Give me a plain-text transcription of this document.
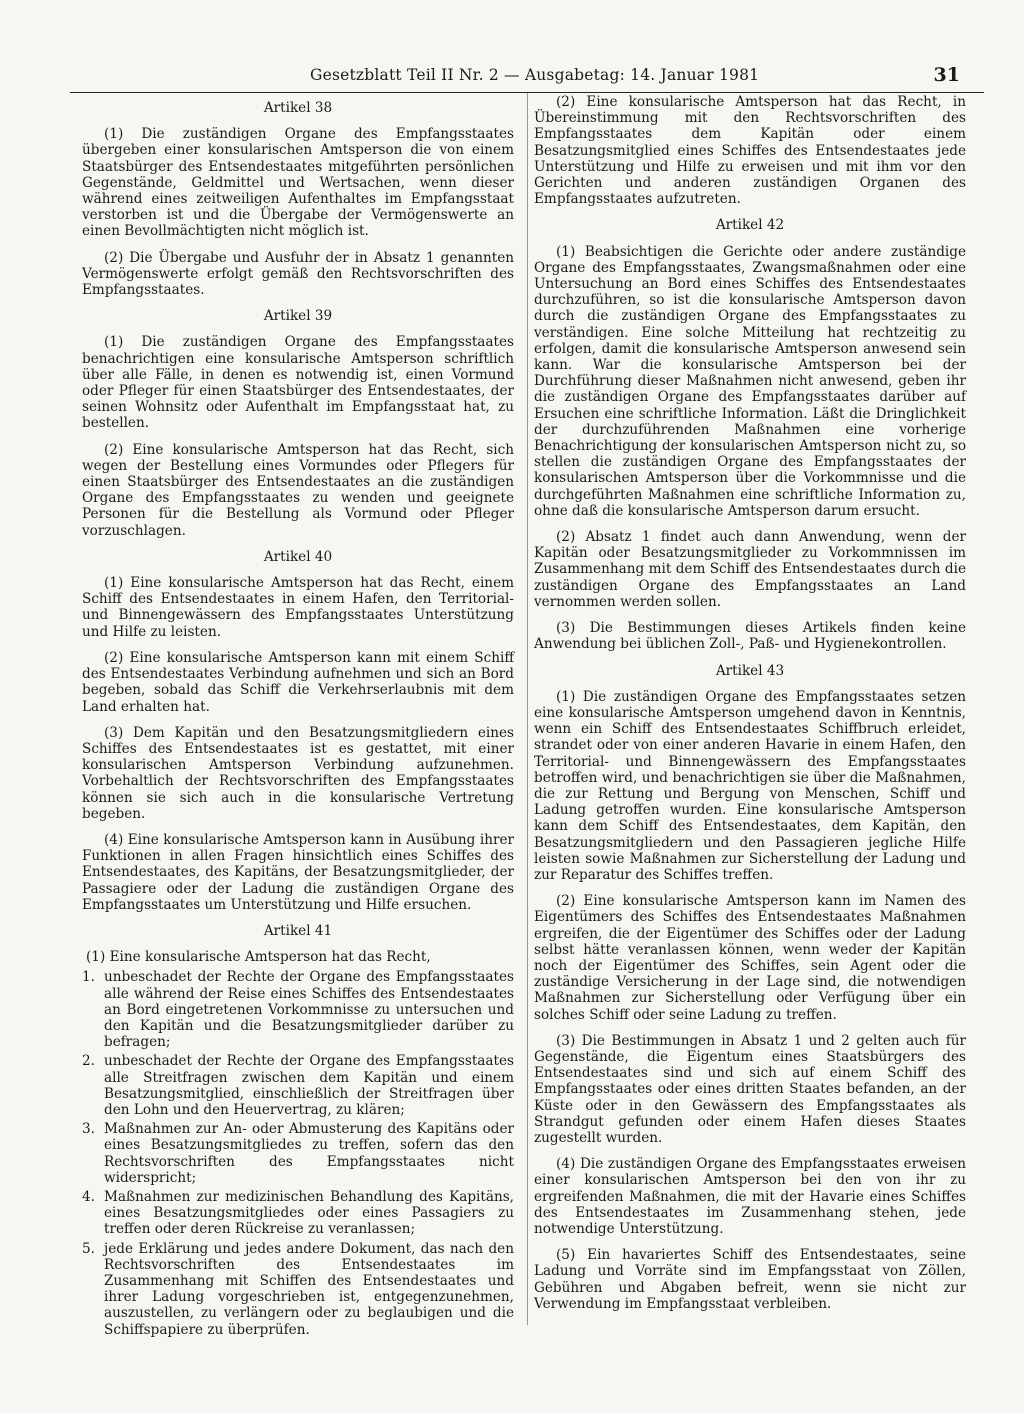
Gesetzblatt Teil II Nr. 2 — Ausgabetag: 14. Januar 1981	31
Artikel 38

(1) Die zuständigen Organe des Empfangsstaates übergeben einer konsularischen Amtsperson die von einem Staatsbürger des Entsendestaates mitgeführten persönlichen Gegenstände, Geldmittel und Wertsachen, wenn dieser während eines zeitweiligen Aufenthaltes im Empfangsstaat verstorben ist und die Übergabe der Vermögenswerte an einen Bevollmächtigten nicht möglich ist.

(2) Die Übergabe und Ausfuhr der in Absatz 1 genannten Vermögenswerte erfolgt gemäß den Rechtsvorschriften des Empfangsstaates.

Artikel 39

(1) Die zuständigen Organe des Empfangsstaates benachrichtigen eine konsularische Amtsperson schriftlich über alle Fälle, in denen es notwendig ist, einen Vormund oder Pfleger für einen Staatsbürger des Entsendestaates, der seinen Wohnsitz oder Aufenthalt im Empfangsstaat hat, zu bestellen.

(2) Eine konsularische Amtsperson hat das Recht, sich wegen der Bestellung eines Vormundes oder Pflegers für einen Staatsbürger des Entsendestaates an die zuständigen Organe des Empfangsstaates zu wenden und geeignete Personen für die Bestellung als Vormund oder Pfleger vorzuschlagen.

Artikel 40

(1) Eine konsularische Amtsperson hat das Recht, einem Schiff des Entsendestaates in einem Hafen, den Territorial- und Binnengewässern des Empfangsstaates Unterstützung und Hilfe zu leisten.

(2) Eine konsularische Amtsperson kann mit einem Schiff des Entsendestaates Verbindung aufnehmen und sich an Bord begeben, sobald das Schiff die Verkehrserlaubnis mit dem Land erhalten hat.

(3) Dem Kapitän und den Besatzungsmitgliedern eines Schiffes des Entsendestaates ist es gestattet, mit einer konsularischen Amtsperson Verbindung aufzunehmen. Vorbehaltlich der Rechtsvorschriften des Empfangsstaates können sie sich auch in die konsularische Vertretung begeben.

(4) Eine konsularische Amtsperson kann in Ausübung ihrer Funktionen in allen Fragen hinsichtlich eines Schiffes des Entsendestaates, des Kapitäns, der Besatzungsmitglieder, der Passagiere oder der Ladung die zuständigen Organe des Empfangsstaates um Unterstützung und Hilfe ersuchen.

Artikel 41

(1) Eine konsularische Amtsperson hat das Recht,

1. unbeschadet der Rechte der Organe des Empfangsstaates alle während der Reise eines Schiffes des Entsendestaates an Bord eingetretenen Vorkommnisse zu untersuchen und den Kapitän und die Besatzungsmitglieder darüber zu befragen;
2. unbeschadet der Rechte der Organe des Empfangsstaates alle Streitfragen zwischen dem Kapitän und einem Besatzungsmitglied, einschließlich der Streitfragen über den Lohn und den Heuervertrag, zu klären;
3. Maßnahmen zur An- oder Abmusterung des Kapitäns oder eines Besatzungsmitgliedes zu treffen, sofern das den Rechtsvorschriften des Empfangsstaates nicht widerspricht;
4. Maßnahmen zur medizinischen Behandlung des Kapitäns, eines Besatzungsmitgliedes oder eines Passagiers zu treffen oder deren Rückreise zu veranlassen;
5. jede Erklärung und jedes andere Dokument, das nach den Rechtsvorschriften des Entsendestaates im Zusammenhang mit Schiffen des Entsendestaates und ihrer Ladung vorgeschrieben ist, entgegenzunehmen, auszustellen, zu verlängern oder zu beglaubigen und die Schiffspapiere zu überprüfen.

(2) Eine konsularische Amtsperson hat das Recht, in Übereinstimmung mit den Rechtsvorschriften des Empfangsstaates dem Kapitän oder einem Besatzungsmitglied eines Schiffes des Entsendestaates jede Unterstützung und Hilfe zu erweisen und mit ihm vor den Gerichten und anderen zuständigen Organen des Empfangsstaates aufzutreten.

Artikel 42

(1) Beabsichtigen die Gerichte oder andere zuständige Organe des Empfangsstaates, Zwangsmaßnahmen oder eine Untersuchung an Bord eines Schiffes des Entsendestaates durchzuführen, so ist die konsularische Amtsperson davon durch die zuständigen Organe des Empfangsstaates zu verständigen. Eine solche Mitteilung hat rechtzeitig zu erfolgen, damit die konsularische Amtsperson anwesend sein kann. War die konsularische Amtsperson bei der Durchführung dieser Maßnahmen nicht anwesend, geben ihr die zuständigen Organe des Empfangsstaates darüber auf Ersuchen eine schriftliche Information. Läßt die Dringlichkeit der durchzuführenden Maßnahmen eine vorherige Benachrichtigung der konsularischen Amtsperson nicht zu, so stellen die zuständigen Organe des Empfangsstaates der konsularischen Amtsperson über die Vorkommnisse und die durchgeführten Maßnahmen eine schriftliche Information zu, ohne daß die konsularische Amtsperson darum ersucht.

(2) Absatz 1 findet auch dann Anwendung, wenn der Kapitän oder Besatzungsmitglieder zu Vorkommnissen im Zusammenhang mit dem Schiff des Entsendestaates durch die zuständigen Organe des Empfangsstaates an Land vernommen werden sollen.

(3) Die Bestimmungen dieses Artikels finden keine Anwendung bei üblichen Zoll-, Paß- und Hygienekontrollen.

Artikel 43

(1) Die zuständigen Organe des Empfangsstaates setzen eine konsularische Amtsperson umgehend davon in Kenntnis, wenn ein Schiff des Entsendestaates Schiffbruch erleidet, strandet oder von einer anderen Havarie in einem Hafen, den Territorial- und Binnengewässern des Empfangsstaates betroffen wird, und benachrichtigen sie über die Maßnahmen, die zur Rettung und Bergung von Menschen, Schiff und Ladung getroffen wurden. Eine konsularische Amtsperson kann dem Schiff des Entsendestaates, dem Kapitän, den Besatzungsmitgliedern und den Passagieren jegliche Hilfe leisten sowie Maßnahmen zur Sicherstellung der Ladung und zur Reparatur des Schiffes treffen.

(2) Eine konsularische Amtsperson kann im Namen des Eigentümers des Schiffes des Entsendestaates Maßnahmen ergreifen, die der Eigentümer des Schiffes oder der Ladung selbst hätte veranlassen können, wenn weder der Kapitän noch der Eigentümer des Schiffes, sein Agent oder die zuständige Versicherung in der Lage sind, die notwendigen Maßnahmen zur Sicherstellung oder Verfügung über ein solches Schiff oder seine Ladung zu treffen.

(3) Die Bestimmungen in Absatz 1 und 2 gelten auch für Gegenstände, die Eigentum eines Staatsbürgers des Entsendestaates sind und sich auf einem Schiff des Empfangsstaates oder eines dritten Staates befanden, an der Küste oder in den Gewässern des Empfangsstaates als Strandgut gefunden oder einem Hafen dieses Staates zugestellt wurden.

(4) Die zuständigen Organe des Empfangsstaates erweisen einer konsularischen Amtsperson bei den von ihr zu ergreifenden Maßnahmen, die mit der Havarie eines Schiffes des Entsendestaates im Zusammenhang stehen, jede notwendige Unterstützung.

(5) Ein havariertes Schiff des Entsendestaates, seine Ladung und Vorräte sind im Empfangsstaat von Zöllen, Gebühren und Abgaben befreit, wenn sie nicht zur Verwendung im Empfangsstaat verbleiben.
